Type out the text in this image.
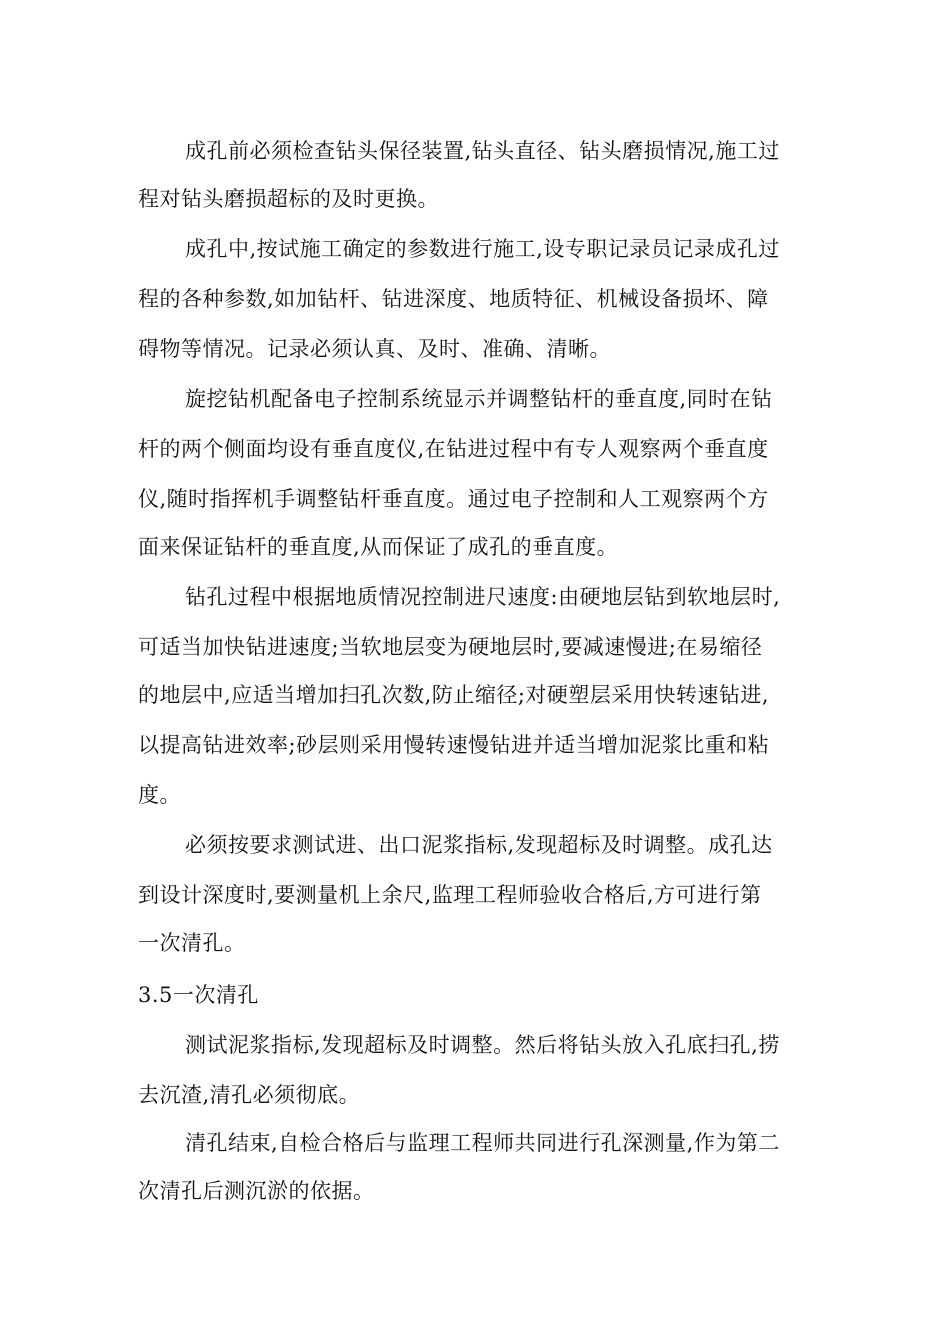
成孔前必须检查钻头保径装置,钻头直径、钻头磨损情况,施工过
程对钻头磨损超标的及时更换。
成孔中,按试施工确定的参数进行施工,设专职记录员记录成孔过
程的各种参数,如加钻杆、钻进深度、地质特征、机械设备损坏、障
碍物等情况。记录必须认真、及时、准确、清晰。
旋挖钻机配备电子控制系统显示并调整钻杆的垂直度,同时在钻
杆的两个侧面均设有垂直度仪,在钻进过程中有专人观察两个垂直度
仪,随时指挥机手调整钻杆垂直度。通过电子控制和人工观察两个方
面来保证钻杆的垂直度,从而保证了成孔的垂直度。
钻孔过程中根据地质情况控制进尺速度:由硬地层钻到软地层时,
可适当加快钻进速度;当软地层变为硬地层时,要减速慢进;在易缩径
的地层中,应适当增加扫孔次数,防止缩径;对硬塑层采用快转速钻进,
以提高钻进效率;砂层则采用慢转速慢钻进并适当增加泥浆比重和粘
度。
必须按要求测试进、出口泥浆指标,发现超标及时调整。成孔达
到设计深度时,要测量机上余尺,监理工程师验收合格后,方可进行第
一次清孔。
3.5一次清孔
测试泥浆指标,发现超标及时调整。然后将钻头放入孔底扫孔,捞
去沉渣,清孔必须彻底。
清孔结束,自检合格后与监理工程师共同进行孔深测量,作为第二
次清孔后测沉淤的依据。
